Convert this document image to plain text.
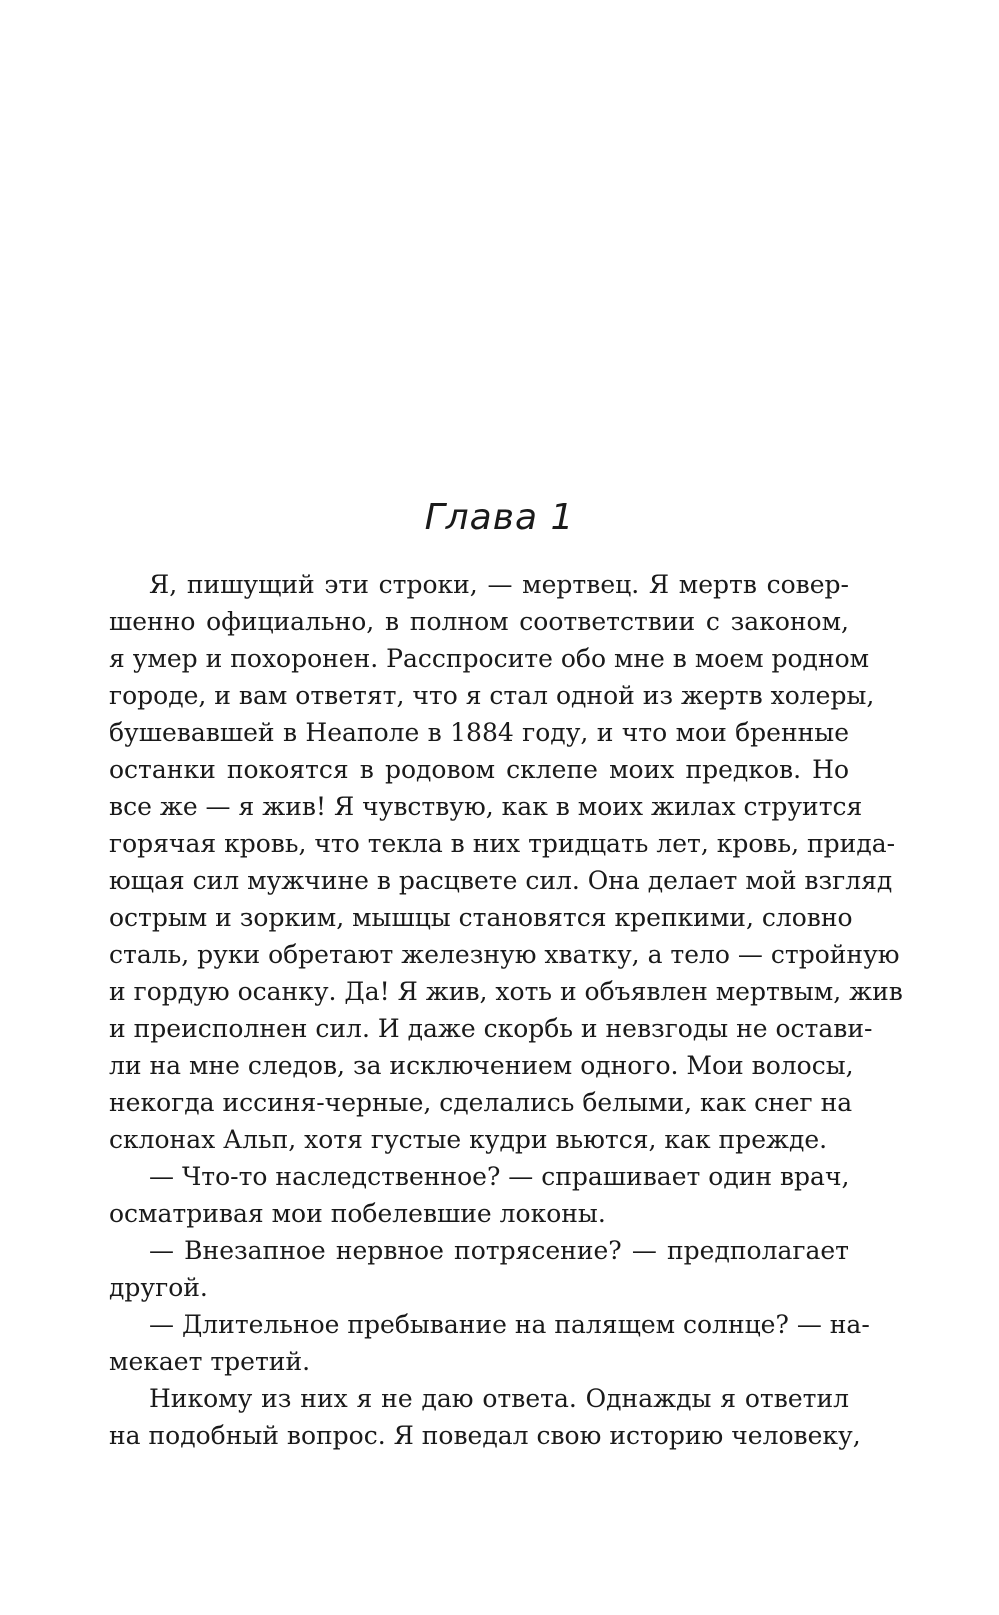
Глава 1
Я, пишущий эти строки, — мертвец. Я мертв совер-
шенно официально, в полном соответствии с законом,
я умер и похоронен. Расспросите обо мне в моем родном
городе, и вам ответят, что я стал одной из жертв холеры,
бушевавшей в Неаполе в 1884 году, и что мои бренные
останки покоятся в родовом склепе моих предков. Но
все же — я жив! Я чувствую, как в моих жилах струится
горячая кровь, что текла в них тридцать лет, кровь, прида-
ющая сил мужчине в расцвете сил. Она делает мой взгляд
острым и зорким, мышцы становятся крепкими, словно
сталь, руки обретают железную хватку, а тело — стройную
и гордую осанку. Да! Я жив, хоть и объявлен мертвым, жив
и преисполнен сил. И даже скорбь и невзгоды не остави-
ли на мне следов, за исключением одного. Мои волосы,
некогда иссиня-черные, сделались белыми, как снег на
склонах Альп, хотя густые кудри вьются, как прежде.
— Что-то наследственное? — спрашивает один врач,
осматривая мои побелевшие локоны.
— Внезапное нервное потрясение? — предполагает
другой.
— Длительное пребывание на палящем солнце? — на-
мекает третий.
Никому из них я не даю ответа. Однажды я ответил
на подобный вопрос. Я поведал свою историю человеку,
